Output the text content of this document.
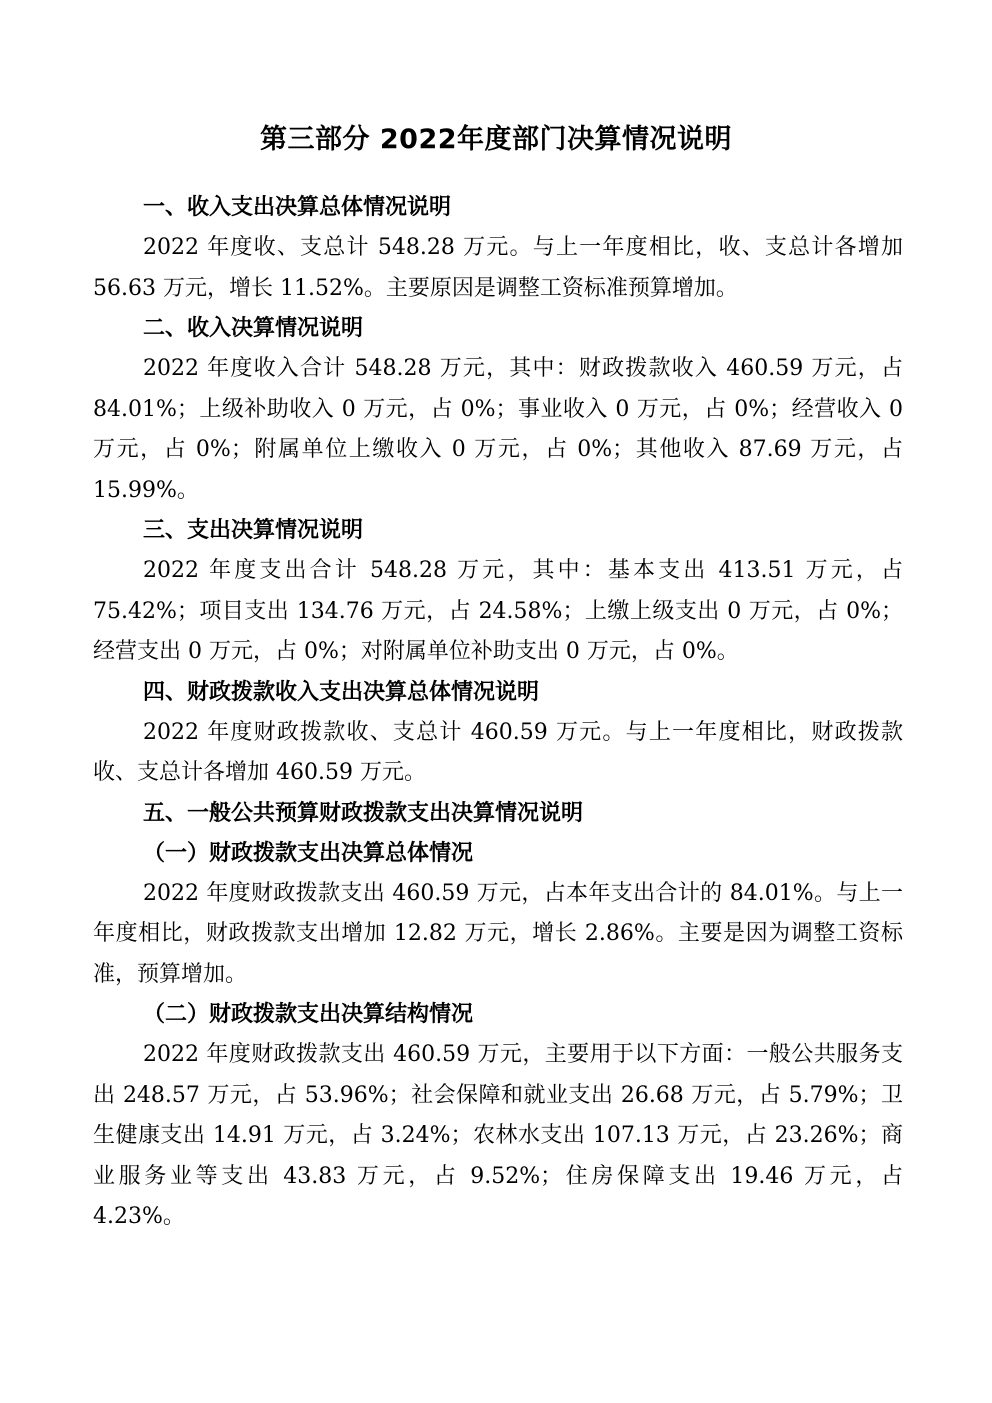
第三部分 2022年度部门决算情况说明
一、收入支出决算总体情况说明

2022 年度收、支总计 548.28 万元。与上一年度相比，收、支总计各增加 56.63 万元，增长 11.52%。主要原因是调整工资标准预算增加。

二、收入决算情况说明

2022 年度收入合计 548.28 万元，其中：财政拨款收入 460.59 万元，占 84.01%；上级补助收入 0 万元，占 0%；事业收入 0 万元，占 0%；经营收入 0 万元，占 0%；附属单位上缴收入 0 万元，占 0%；其他收入 87.69 万元，占 15.99%。

三、支出决算情况说明

2022 年度支出合计 548.28 万元，其中：基本支出 413.51 万元，占 75.42%；项目支出 134.76 万元，占 24.58%；上缴上级支出 0 万元，占 0%；经营支出 0 万元，占 0%；对附属单位补助支出 0 万元，占 0%。

四、财政拨款收入支出决算总体情况说明

2022 年度财政拨款收、支总计 460.59 万元。与上一年度相比，财政拨款收、支总计各增加 460.59 万元。

五、一般公共预算财政拨款支出决算情况说明
（一）财政拨款支出决算总体情况

2022 年度财政拨款支出 460.59 万元，占本年支出合计的 84.01%。与上一年度相比，财政拨款支出增加 12.82 万元，增长 2.86%。主要是因为调整工资标准，预算增加。

（二）财政拨款支出决算结构情况

2022 年度财政拨款支出 460.59 万元，主要用于以下方面：一般公共服务支出 248.57 万元，占 53.96%；社会保障和就业支出 26.68 万元，占 5.79%；卫生健康支出 14.91 万元，占 3.24%；农林水支出 107.13 万元，占 23.26%；商业服务业等支出 43.83 万元，占 9.52%；住房保障支出 19.46 万元，占 4.23%。
